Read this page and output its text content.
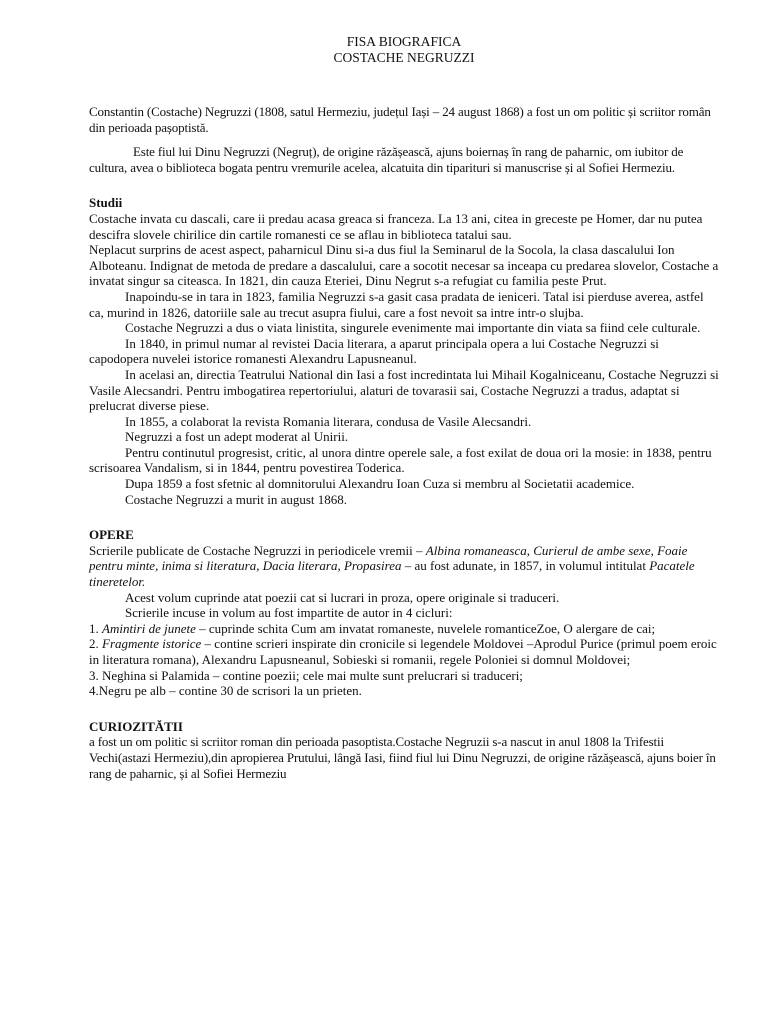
FISA BIOGRAFICA
COSTACHE NEGRUZZI

Constantin (Costache) Negruzzi (1808, satul Hermeziu, județul Iași – 24 august 1868) a fost un om politic și scriitor român din perioada pașoptistă.

Este fiul lui Dinu Negruzzi (Negruț), de origine răzășească, ajuns boiernaș în rang de paharnic, om iubitor de cultura, avea o biblioteca bogata pentru vremurile acelea, alcatuita din tiparituri si manuscrise și al Sofiei Hermeziu.

Studii

Costache invata cu dascali, care ii predau acasa greaca si franceza. La 13 ani, citea in greceste pe Homer, dar nu putea descifra slovele chirilice din cartile romanesti ce se aflau in biblioteca tatalui sau.

Neplacut surprins de acest aspect, paharnicul Dinu si-a dus fiul la Seminarul de la Socola, la clasa dascalului Ion Alboteanu. Indignat de metoda de predare a dascalului, care a socotit necesar sa inceapa cu predarea slovelor, Costache a invatat singur sa citeasca. In 1821, din cauza Eteriei, Dinu Negrut s-a refugiat cu familia peste Prut.

Inapoindu-se in tara in 1823, familia Negruzzi s-a gasit casa pradata de ieniceri. Tatal isi pierduse averea, astfel ca, murind in 1826, datoriile sale au trecut asupra fiului, care a fost nevoit sa intre intr-o slujba.

Costache Negruzzi a dus o viata linistita, singurele evenimente mai importante din viata sa fiind cele culturale.

In 1840, in primul numar al revistei Dacia literara, a aparut principala opera a lui Costache Negruzzi si capodopera nuvelei istorice romanesti Alexandru Lapusneanul.

In acelasi an, directia Teatrului National din Iasi a fost incredintata lui Mihail Kogalniceanu, Costache Negruzzi si Vasile Alecsandri. Pentru imbogatirea repertoriului, alaturi de tovarasii sai, Costache Negruzzi a tradus, adaptat si prelucrat diverse piese.

In 1855, a colaborat la revista Romania literara, condusa de Vasile Alecsandri.

Negruzzi a fost un adept moderat al Unirii.

Pentru continutul progresist, critic, al unora dintre operele sale, a fost exilat de doua ori la mosie: in 1838, pentru scrisoarea Vandalism, si in 1844, pentru povestirea Toderica.

Dupa 1859 a fost sfetnic al domnitorului Alexandru Ioan Cuza si membru al Societatii academice.

Costache Negruzzi a murit in august 1868.

OPERE

Scrierile publicate de Costache Negruzzi in periodicele vremii – Albina romaneasca, Curierul de ambe sexe, Foaie pentru minte, inima si literatura, Dacia literara, Propasirea – au fost adunate, in 1857, in volumul intitulat Pacatele tineretelor.

Acest volum cuprinde atat poezii cat si lucrari in proza, opere originale si traduceri.

Scrierile incuse in volum au fost impartite de autor in 4 cicluri:

1. Amintiri de junete – cuprinde schita Cum am invatat romaneste, nuvelele romanticeZoe, O alergare de cai;

2. Fragmente istorice – contine scrieri inspirate din cronicile si legendele Moldovei –Aprodul Purice (primul poem eroic in literatura romana), Alexandru Lapusneanul, Sobieski si romanii, regele Poloniei si domnul Moldovei;

3. Neghina si Palamida – contine poezii; cele mai multe sunt prelucrari si traduceri;

4.Negru pe alb – contine 30 de scrisori la un prieten.

CURIOZITĂTII

a fost un om politic si scriitor roman din perioada pasoptista.Costache Negruzii s-a nascut in anul 1808 la Trifestii Vechi(astazi Hermeziu),din apropierea Prutului, lângă Iasi, fiind fiul lui Dinu Negruzzi, de origine răzășească, ajuns boier în rang de paharnic, și al Sofiei Hermeziu
